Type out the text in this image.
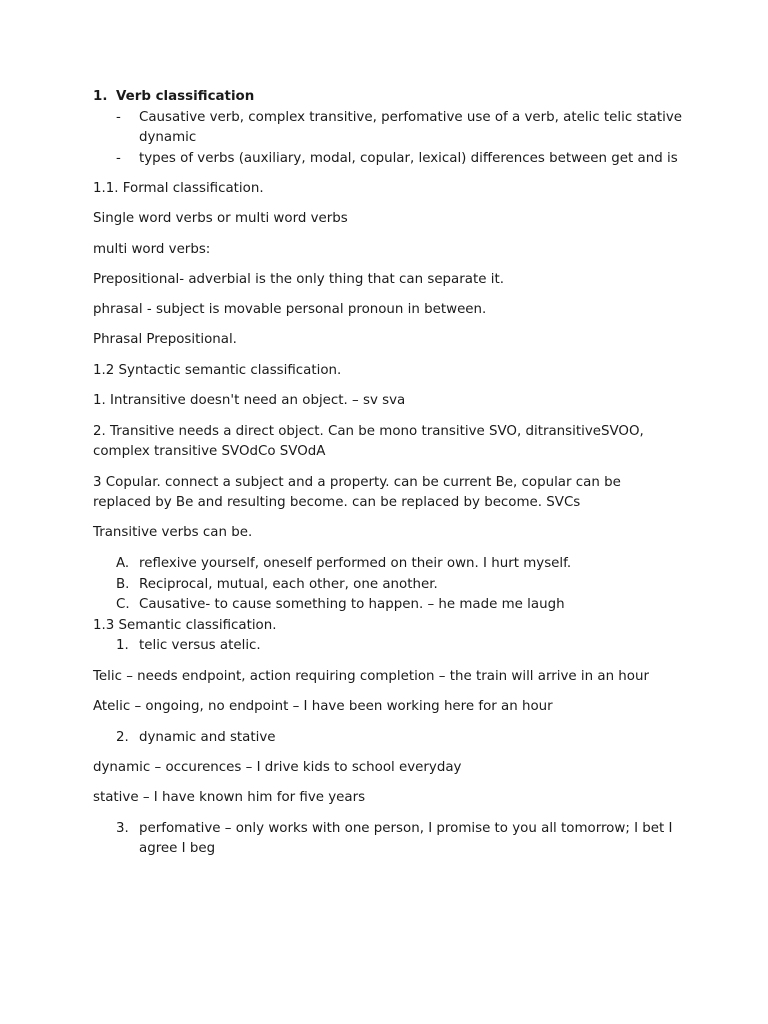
1. Verb classification
-	Causative verb, complex transitive, perfomative use of a verb, atelic telic stative
dynamic
-	types of verbs (auxiliary, modal, copular, lexical) differences between get and is
1.1. Formal classification.
Single word verbs or multi word verbs
multi word verbs:
Prepositional- adverbial is the only thing that can separate it.
phrasal - subject is movable personal pronoun in between.
Phrasal Prepositional.
1.2 Syntactic semantic classification.
1. Intransitive doesn't need an object. – sv sva
2. Transitive needs a direct object. Can be mono transitive SVO, ditransitiveSVOO,
complex transitive SVOdCo SVOdA
3 Copular. connect a subject and a property. can be current Be, copular can be
replaced by Be and resulting become. can be replaced by become. SVCs
Transitive verbs can be.
A. reflexive yourself, oneself performed on their own. I hurt myself.
B. Reciprocal, mutual, each other, one another.
C. Causative- to cause something to happen. – he made me laugh
1.3 Semantic classification.
1. telic versus atelic.
Telic – needs endpoint, action requiring completion – the train will arrive in an hour
Atelic – ongoing, no endpoint – I have been working here for an hour
2. dynamic and stative
dynamic – occurences – I drive kids to school everyday
stative – I have known him for five years
3. perfomative – only works with one person, I promise to you all tomorrow; I bet I
agree I beg
